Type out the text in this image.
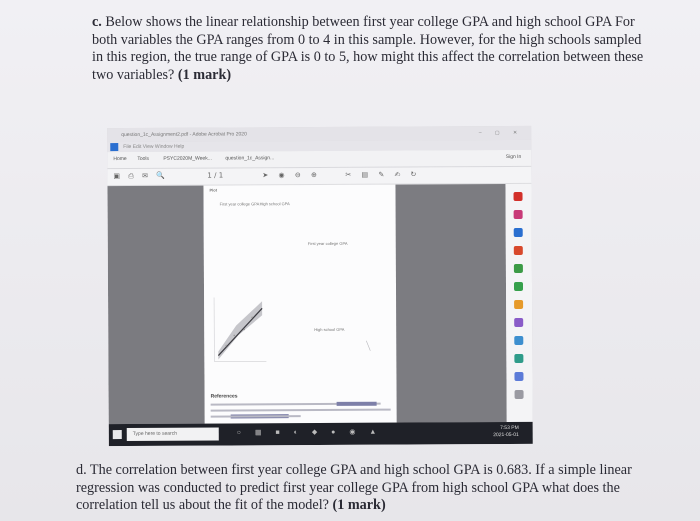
c. Below shows the linear relationship between first year college GPA and high school GPA For both variables the GPA ranges from 0 to 4 in this sample. However, for the high schools sampled in this region, the true range of GPA is 0 to 5, how might this affect the correlation between these two variables? (1 mark)
question_1c_Assignment2.pdf - Adobe Acrobat Pro 2020	– ▢ ✕
File Edit View Window Help
Home Tools	PSYC2020M_Week...	question_1c_Assign...	Sign In
▣ ⎙ ✉ 🔍	1 / 1	➤ ◉ ⊖ ⊕	✂ ▤ ✎ ✍ ↻
Plot
First year college GPA High school GPA
First year college GPA
High school GPA
References
Type here to search	○ ▦ ■ ◐ ◆ ● ◉ ▲
7:53 PM
2021-05-01
d. The correlation between first year college GPA and high school GPA is 0.683. If a simple linear regression was conducted to predict first year college GPA from high school GPA what does the correlation tell us about the fit of the model? (1 mark)
